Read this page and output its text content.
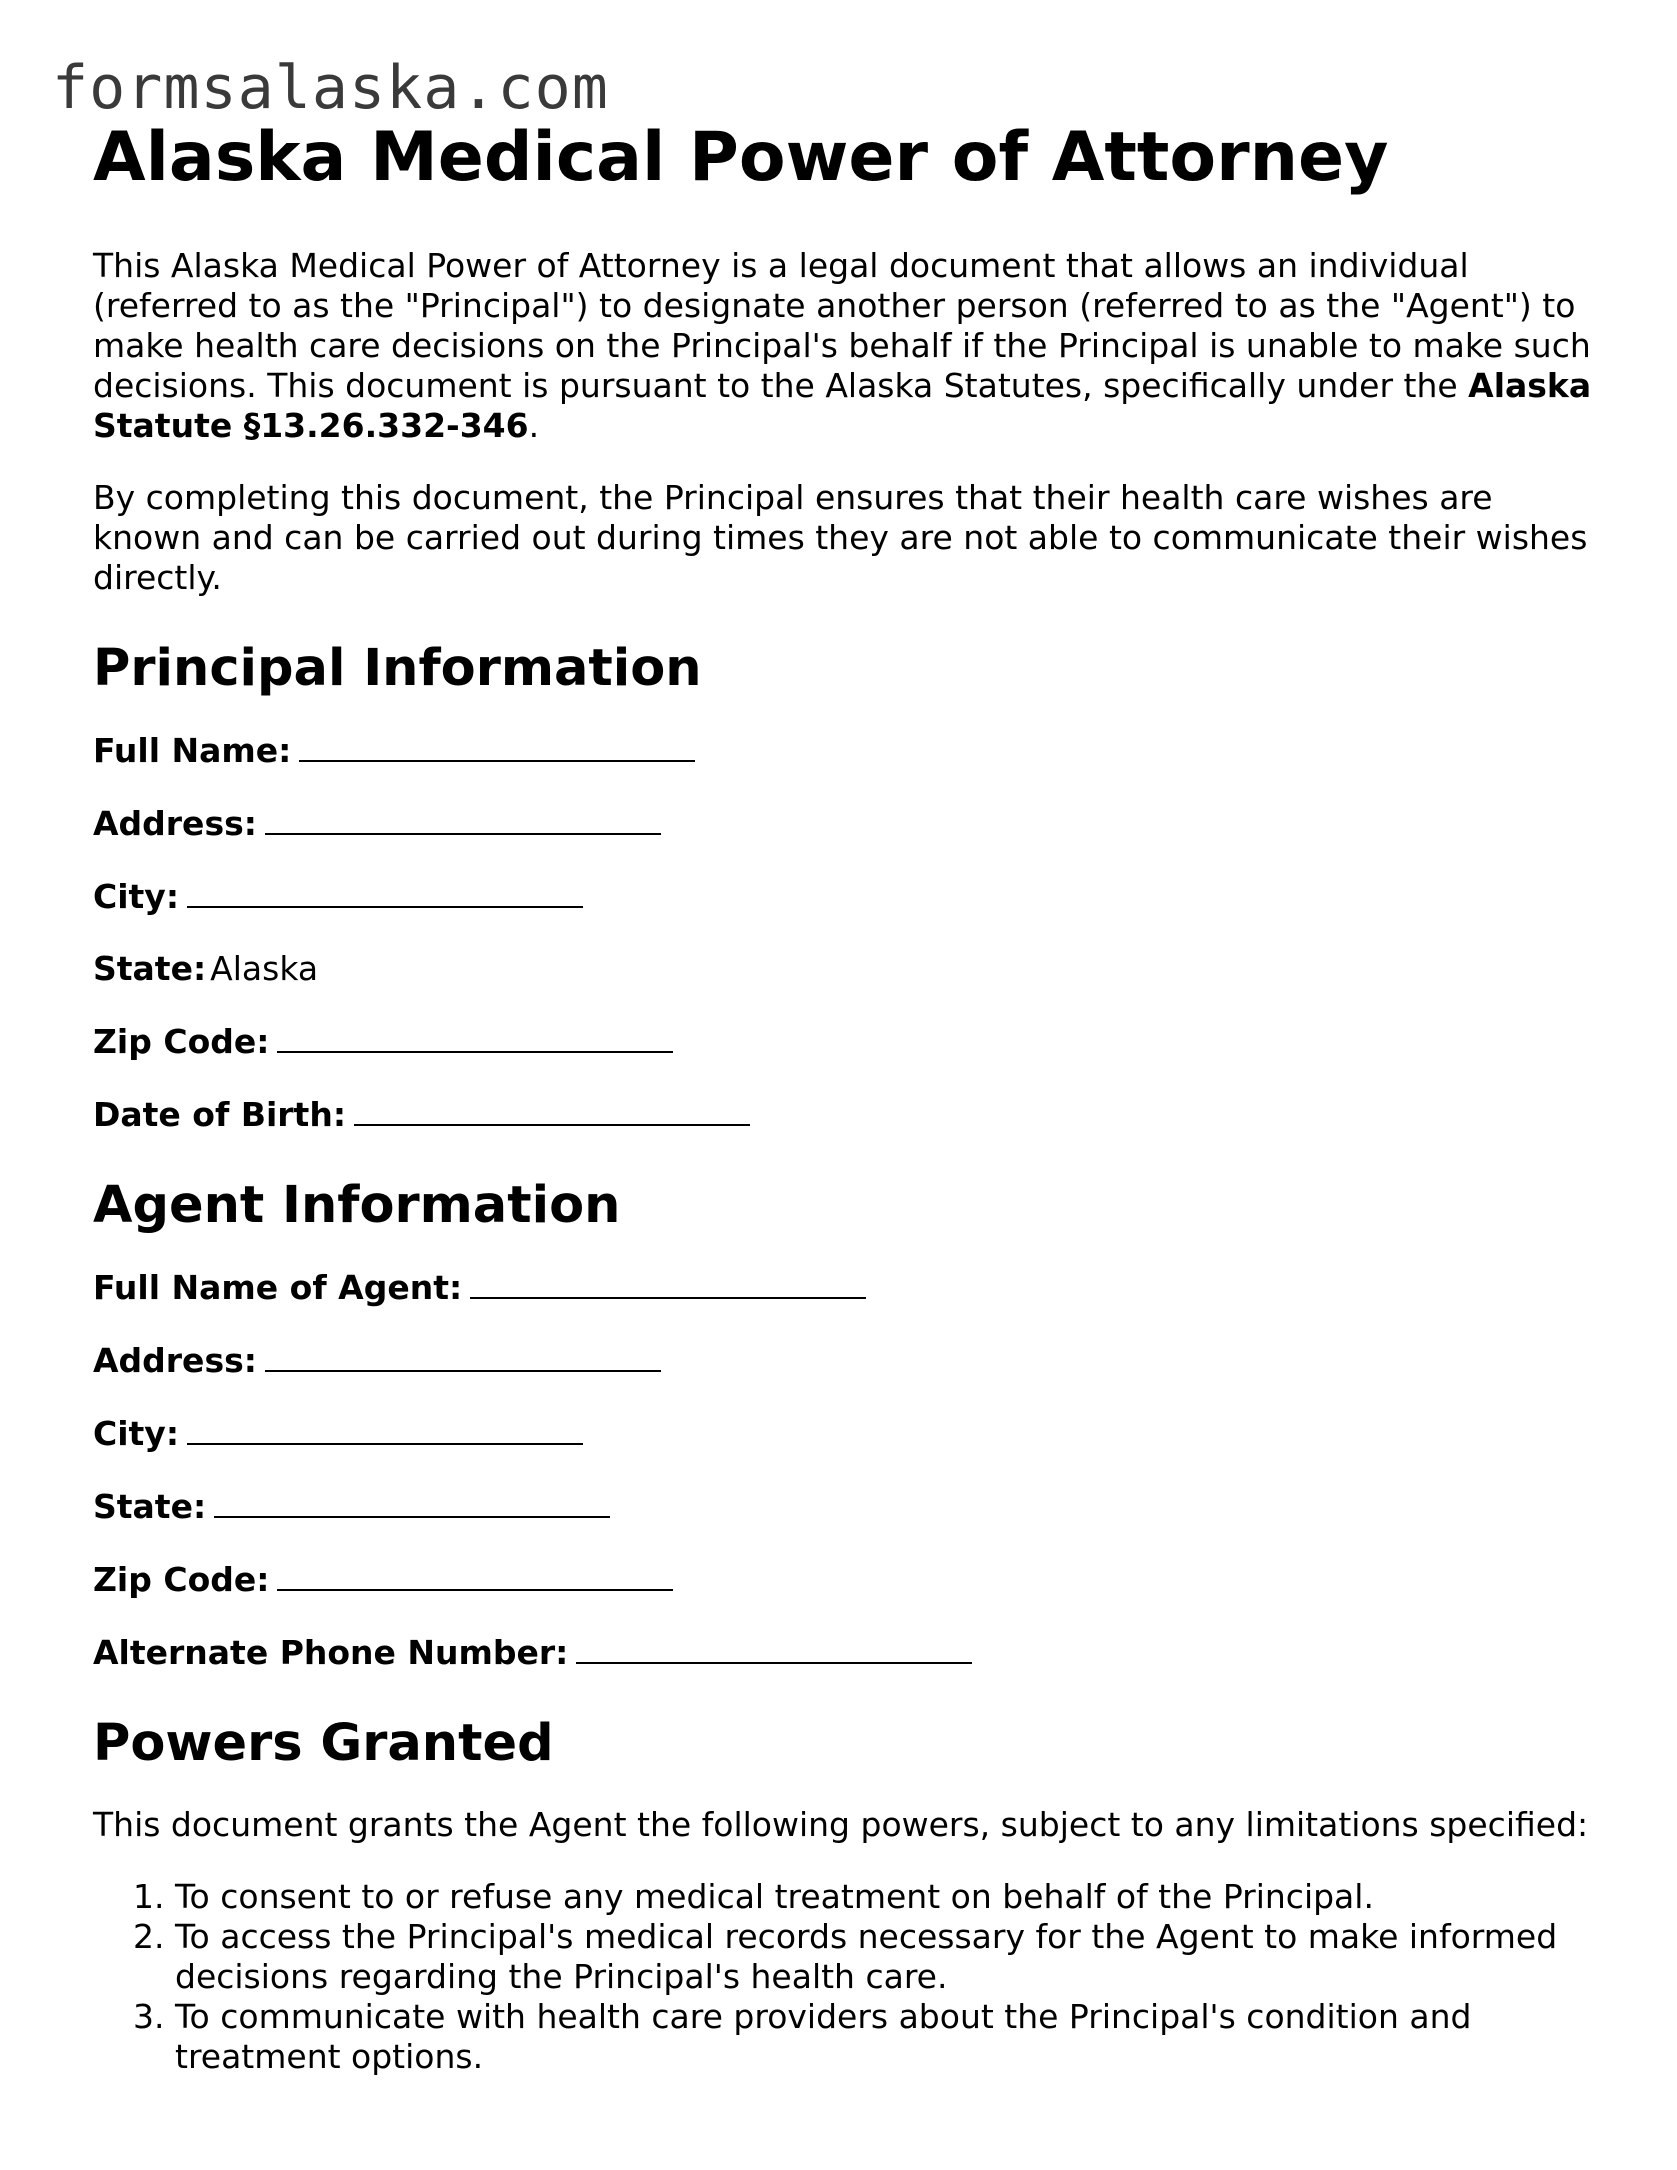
formsalaska.com
Alaska Medical Power of Attorney

This Alaska Medical Power of Attorney is a legal document that allows an individual (referred to as the "Principal") to designate another person (referred to as the "Agent") to make health care decisions on the Principal's behalf if the Principal is unable to make such decisions. This document is pursuant to the Alaska Statutes, specifically under the Alaska Statute §13.26.332-346.

By completing this document, the Principal ensures that their health care wishes are known and can be carried out during times they are not able to communicate their wishes directly.

Principal Information
Full Name:
Address:
City:
State: Alaska
Zip Code:
Date of Birth:
Agent Information
Full Name of Agent:
Address:
City:
State:
Zip Code:
Alternate Phone Number:
Powers Granted

This document grants the Agent the following powers, subject to any limitations specified:

1. To consent to or refuse any medical treatment on behalf of the Principal.
2. To access the Principal's medical records necessary for the Agent to make informed decisions regarding the Principal's health care.
3. To communicate with health care providers about the Principal's condition and treatment options.
